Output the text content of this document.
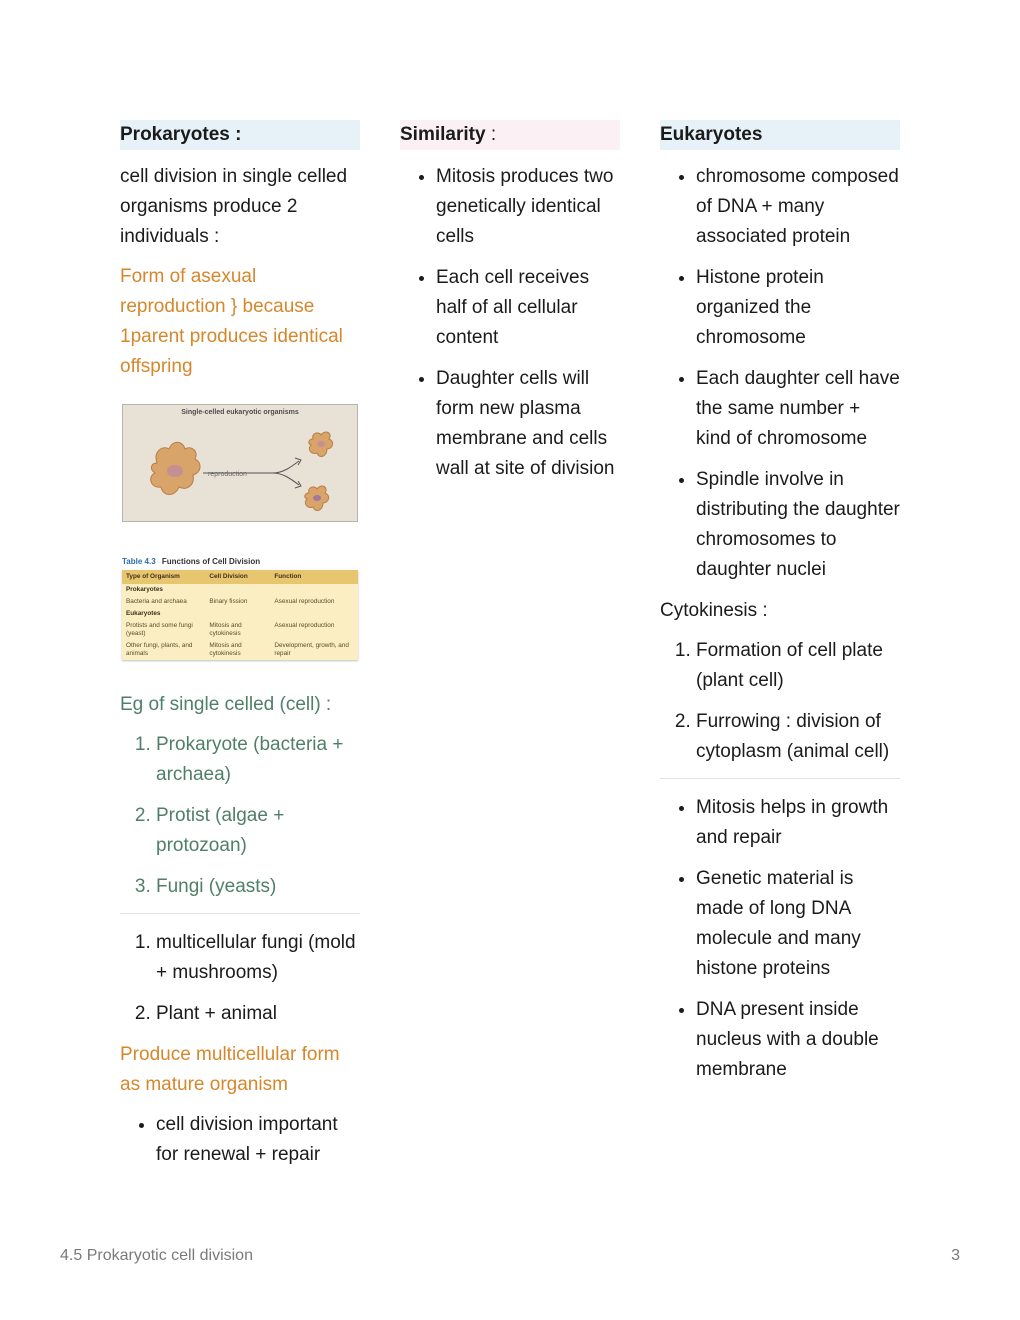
Prokaryotes :

cell division in single celled organisms produce 2 individuals :

Form of asexual reproduction } because 1parent produces identical offspring

Single-celled eukaryotic organisms
reproduction
Table 4.3 Functions of Cell Division
Type of Organism	Cell Division	Function
Prokaryotes		
Bacteria and archaea	Binary fission	Asexual reproduction
Eukaryotes		
Protists and some fungi (yeast)	Mitosis and cytokinesis	Asexual reproduction
Other fungi, plants, and animals	Mitosis and cytokinesis	Development, growth, and repair

Eg of single celled (cell) :

1. Prokaryote (bacteria + archaea)
2. Protist (algae + protozoan)
3. Fungi (yeasts)
1. multicellular fungi (mold + mushrooms)
2. Plant + animal

Produce multicellular form as mature organism

• cell division important for renewal + repair
Similarity :
• Mitosis produces two genetically identical cells
• Each cell receives half of all cellular content
• Daughter cells will form new plasma membrane and cells wall at site of division
Eukaryotes
• chromosome composed of DNA + many associated protein
• Histone protein organized the chromosome
• Each daughter cell have the same number + kind of chromosome
• Spindle involve in distributing the daughter chromosomes to daughter nuclei

Cytokinesis :

1. Formation of cell plate (plant cell)
2. Furrowing : division of cytoplasm (animal cell)
• Mitosis helps in growth and repair
• Genetic material is made of long DNA molecule and many histone proteins
• DNA present inside nucleus with a double membrane
4.5 Prokaryotic cell division	3
